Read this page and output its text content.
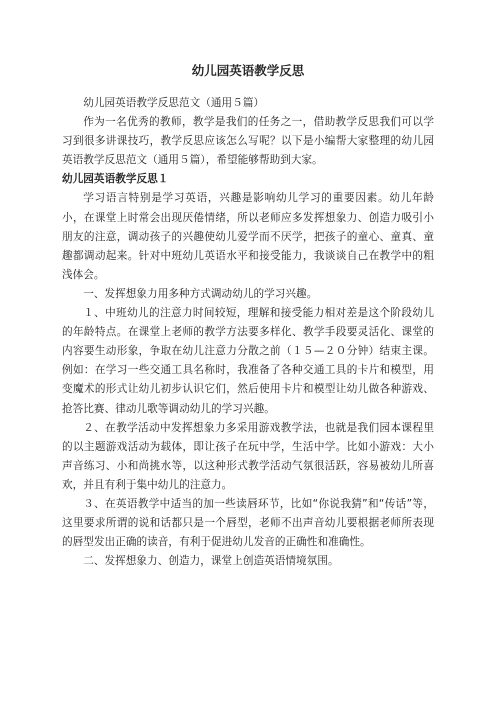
幼儿园英语教学反思

幼儿园英语教学反思范文（通用５篇）

作为一名优秀的教师，教学是我们的任务之一，借助教学反思我们可以学习到很多讲课技巧，教学反思应该怎么写呢？以下是小编帮大家整理的幼儿园英语教学反思范文（通用５篇），希望能够帮助到大家。

幼儿园英语教学反思１

学习语言特别是学习英语，兴趣是影响幼儿学习的重要因素。幼儿年龄小，在课堂上时常会出现厌倦情绪，所以老师应多发挥想象力、创造力吸引小朋友的注意，调动孩子的兴趣使幼儿爱学而不厌学，把孩子的童心、童真、童趣都调动起来。针对中班幼儿英语水平和接受能力，我谈谈自己在教学中的粗浅体会。

一、发挥想象力用多种方式调动幼儿的学习兴趣。

１、中班幼儿的注意力时间较短，理解和接受能力相对差是这个阶段幼儿的年龄特点。在课堂上老师的教学方法要多样化、教学手段要灵活化、课堂的内容要生动形象，争取在幼儿注意力分散之前（１５—２０分钟）结束主课。例如：在学习一些交通工具名称时，我准备了各种交通工具的卡片和模型，用变魔术的形式让幼儿初步认识它们，然后使用卡片和模型让幼儿做各种游戏、抢答比赛、律动儿歌等调动幼儿的学习兴趣。

２、在教学活动中发挥想象力多采用游戏教学法，也就是我们园本课程里的以主题游戏活动为载体，即让孩子在玩中学，生活中学。比如小游戏：大小声音练习、小和尚挑水等，以这种形式教学活动气氛很活跃，容易被幼儿所喜欢，并且有利于集中幼儿的注意力。

３、在英语教学中适当的加一些读唇环节，比如“你说我猜”和“传话”等，这里要求所谓的说和话都只是一个唇型，老师不出声音幼儿要根据老师所表现的唇型发出正确的读音，有利于促进幼儿发音的正确性和准确性。

二、发挥想象力、创造力，课堂上创造英语情境氛围。
